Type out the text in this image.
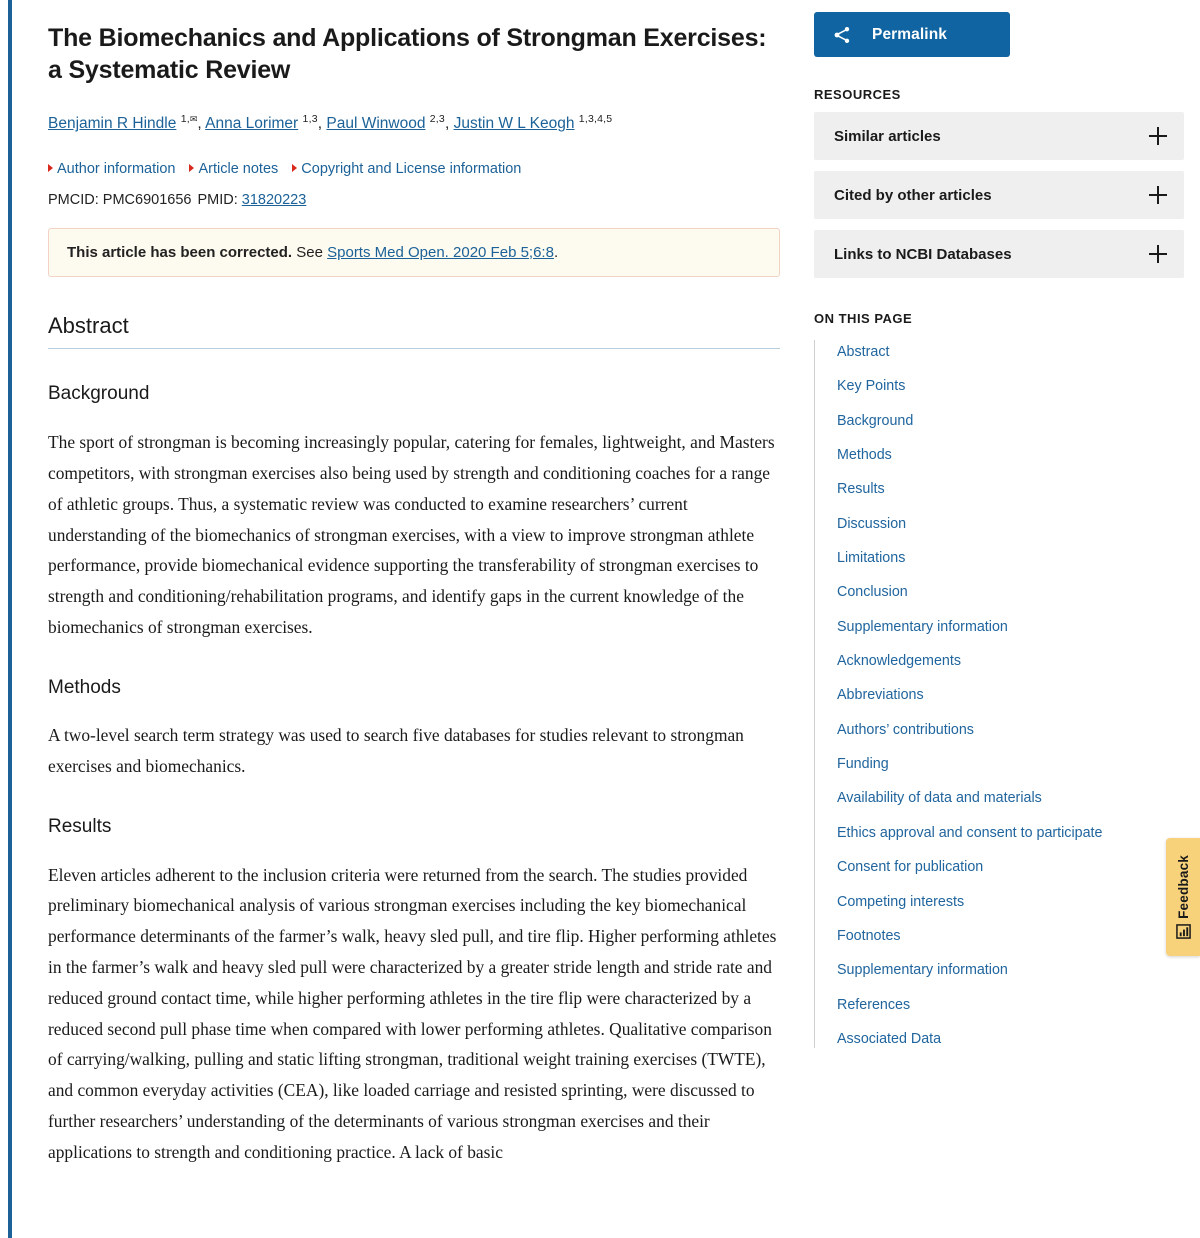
The Biomechanics and Applications of Strongman Exercises: a Systematic Review
Benjamin R Hindle $^{1,✉}$, Anna Lorimer $^{1,3}$, Paul Winwood $^{2,3}$, Justin W L Keogh $^{1,3,4,5}$
Author information Article notes Copyright and License information
PMCID: PMC6901656 PMID: 31820223
This article has been corrected. See Sports Med Open. 2020 Feb 5;6:8.
Abstract
Background

The sport of strongman is becoming increasingly popular, catering for females, lightweight, and Masters competitors, with strongman exercises also being used by strength and conditioning coaches for a range of athletic groups. Thus, a systematic review was conducted to examine researchers’ current understanding of the biomechanics of strongman exercises, with a view to improve strongman athlete performance, provide biomechanical evidence supporting the transferability of strongman exercises to strength and conditioning/rehabilitation programs, and identify gaps in the current knowledge of the biomechanics of strongman exercises.

Methods

A two-level search term strategy was used to search five databases for studies relevant to strongman exercises and biomechanics.

Results

Eleven articles adherent to the inclusion criteria were returned from the search. The studies provided preliminary biomechanical analysis of various strongman exercises including the key biomechanical performance determinants of the farmer’s walk, heavy sled pull, and tire flip. Higher performing athletes in the farmer’s walk and heavy sled pull were characterized by a greater stride length and stride rate and reduced ground contact time, while higher performing athletes in the tire flip were characterized by a reduced second pull phase time when compared with lower performing athletes. Qualitative comparison of carrying/walking, pulling and static lifting strongman, traditional weight training exercises (TWTE), and common everyday activities (CEA), like loaded carriage and resisted sprinting, were discussed to further researchers’ understanding of the determinants of various strongman exercises and their applications to strength and conditioning practice. A lack of basic

Permalink
RESOURCES
Similar articles
Cited by other articles
Links to NCBI Databases
ON THIS PAGE
Abstract
Key Points
Background
Methods
Results
Discussion
Limitations
Conclusion
Supplementary information
Acknowledgements
Abbreviations
Authors’ contributions
Funding
Availability of data and materials
Ethics approval and consent to participate
Consent for publication
Competing interests
Footnotes
Supplementary information
References
Associated Data
Feedback
